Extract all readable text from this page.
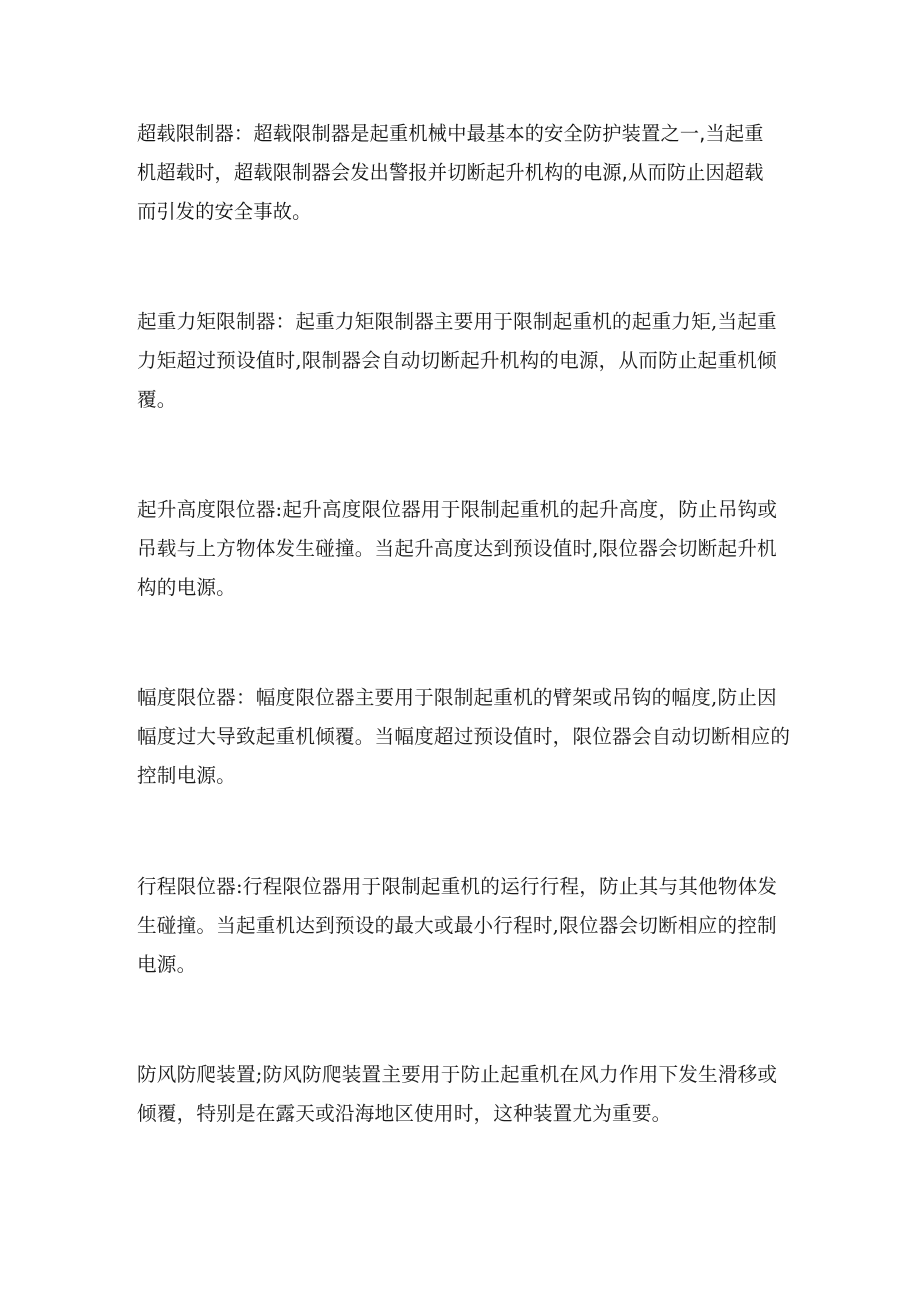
超载限制器：超载限制器是起重机械中最基本的安全防护装置之一,当起重
机超载时，超载限制器会发出警报并切断起升机构的电源,从而防止因超载
而引发的安全事故。
起重力矩限制器：起重力矩限制器主要用于限制起重机的起重力矩,当起重
力矩超过预设值时,限制器会自动切断起升机构的电源，从而防止起重机倾
覆。
起升高度限位器:起升高度限位器用于限制起重机的起升高度，防止吊钩或
吊载与上方物体发生碰撞。当起升高度达到预设值时,限位器会切断起升机
构的电源。
幅度限位器：幅度限位器主要用于限制起重机的臂架或吊钩的幅度,防止因
幅度过大导致起重机倾覆。当幅度超过预设值时，限位器会自动切断相应的
控制电源。
行程限位器:行程限位器用于限制起重机的运行行程，防止其与其他物体发
生碰撞。当起重机达到预设的最大或最小行程时,限位器会切断相应的控制
电源。
防风防爬装置;防风防爬装置主要用于防止起重机在风力作用下发生滑移或
倾覆，特别是在露天或沿海地区使用时，这种装置尤为重要。
